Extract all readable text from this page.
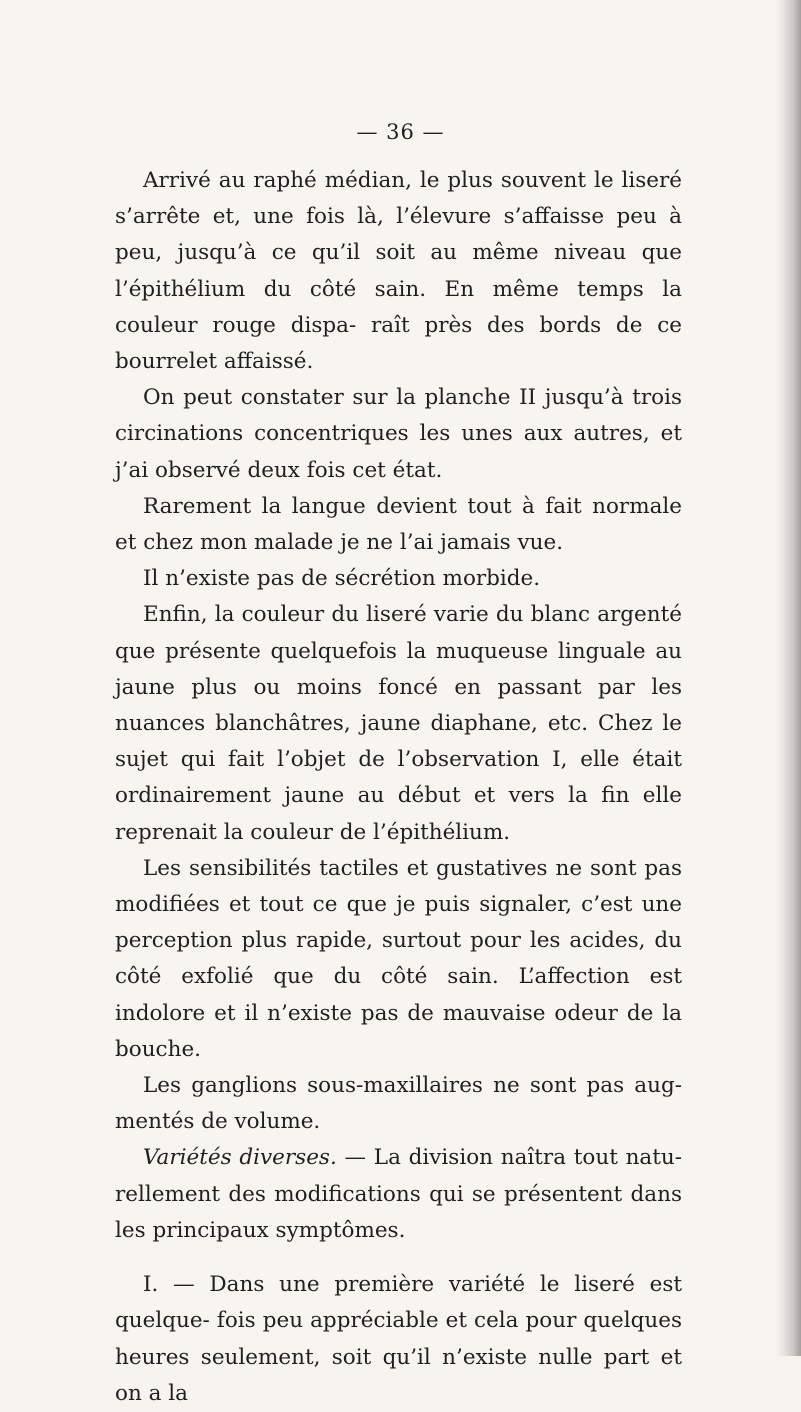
— 36 —

Arrivé au raphé médian, le plus souvent le liseré s’arrête et, une fois là, l’élevure s’affaisse peu à peu, jusqu’à ce qu’il soit au même niveau que l’épithélium du côté sain. En même temps la couleur rouge dispa- raît près des bords de ce bourrelet affaissé.

On peut constater sur la planche II jusqu’à trois circinations concentriques les unes aux autres, et j’ai observé deux fois cet état.

Rarement la langue devient tout à fait normale et chez mon malade je ne l’ai jamais vue.

Il n’existe pas de sécrétion morbide.

Enfin, la couleur du liseré varie du blanc argenté que présente quelquefois la muqueuse linguale au jaune plus ou moins foncé en passant par les nuances blanchâtres, jaune diaphane, etc. Chez le sujet qui fait l’objet de l’observation I, elle était ordinairement jaune au début et vers la fin elle reprenait la couleur de l’épithélium.

Les sensibilités tactiles et gustatives ne sont pas modifiées et tout ce que je puis signaler, c’est une perception plus rapide, surtout pour les acides, du côté exfolié que du côté sain. L’affection est indolore et il n’existe pas de mauvaise odeur de la bouche.

Les ganglions sous-maxillaires ne sont pas aug- mentés de volume.

Variétés diverses. — La division naîtra tout natu- rellement des modifications qui se présentent dans les principaux symptômes.

I. — Dans une première variété le liseré est quelque- fois peu appréciable et cela pour quelques heures seulement, soit qu’il n’existe nulle part et on a la
